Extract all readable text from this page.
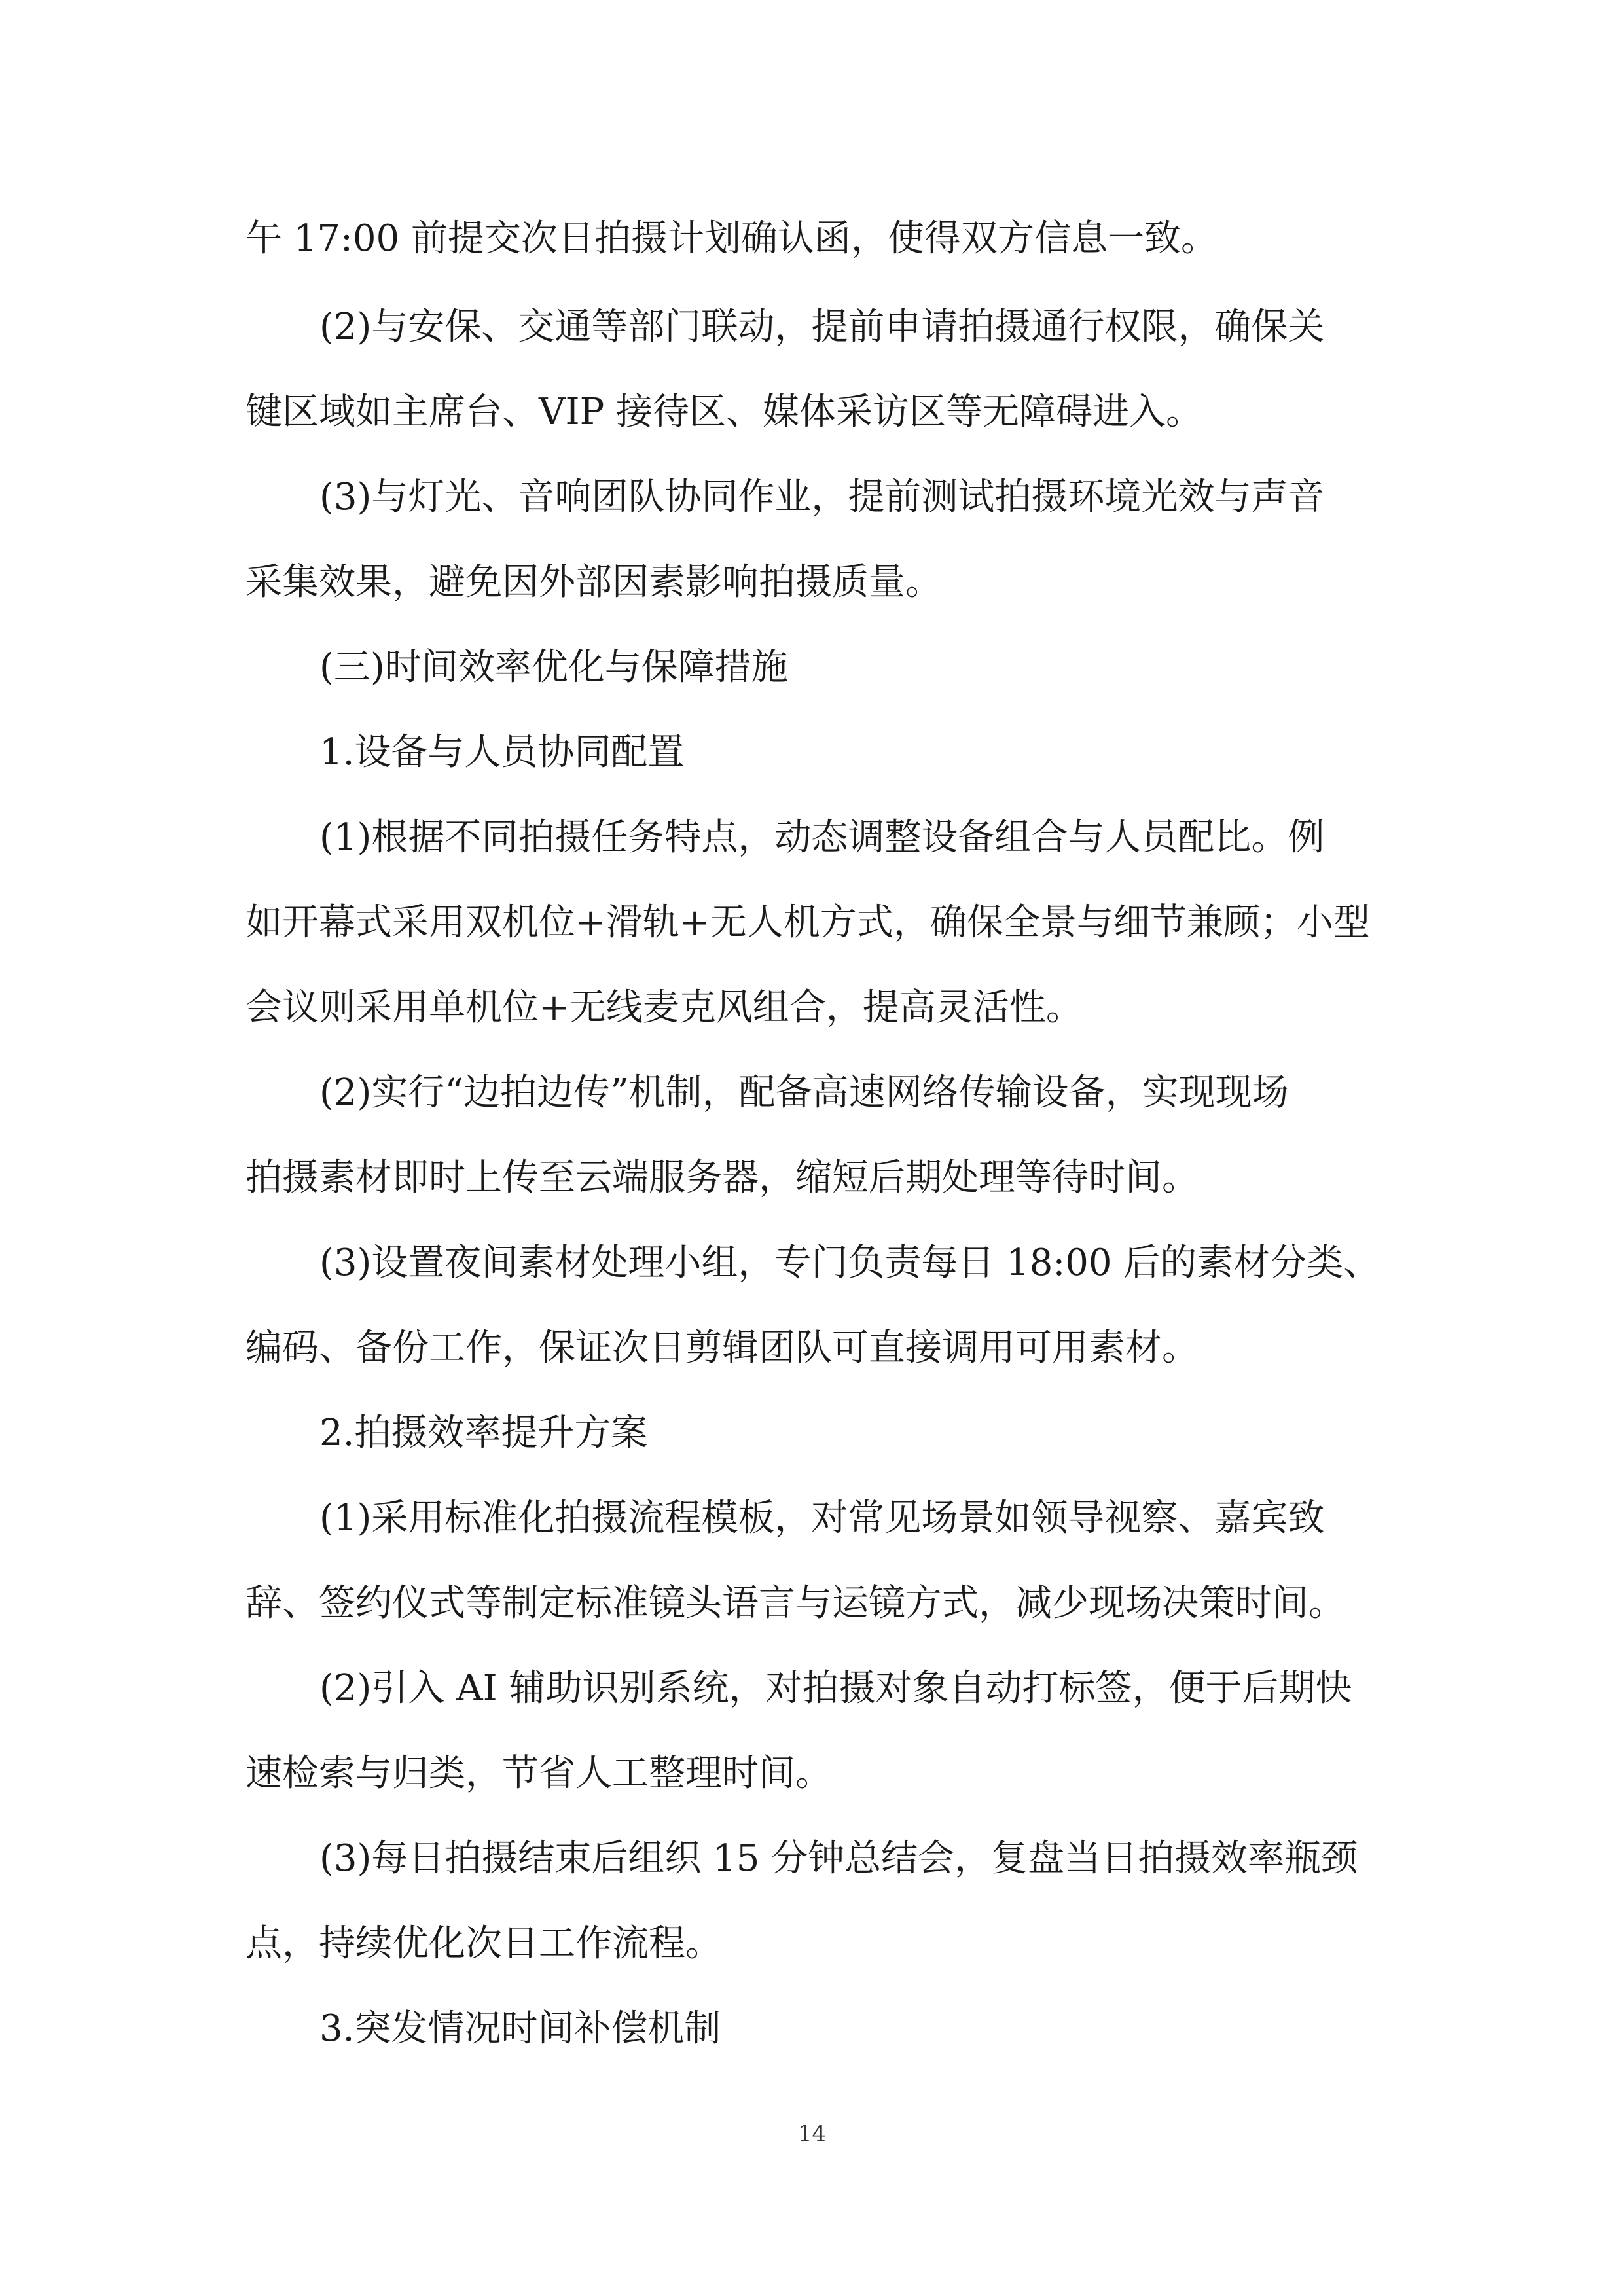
午 17:00 前提交次日拍摄计划确认函，使得双方信息一致。
(2)与安保、交通等部门联动，提前申请拍摄通行权限，确保关
键区域如主席台、VIP 接待区、媒体采访区等无障碍进入。
(3)与灯光、音响团队协同作业，提前测试拍摄环境光效与声音
采集效果，避免因外部因素影响拍摄质量。
(三)时间效率优化与保障措施
1.设备与人员协同配置
(1)根据不同拍摄任务特点，动态调整设备组合与人员配比。例
如开幕式采用双机位+滑轨+无人机方式，确保全景与细节兼顾；小型
会议则采用单机位+无线麦克风组合，提高灵活性。
(2)实行“边拍边传”机制，配备高速网络传输设备，实现现场
拍摄素材即时上传至云端服务器，缩短后期处理等待时间。
(3)设置夜间素材处理小组，专门负责每日 18:00 后的素材分类、
编码、备份工作，保证次日剪辑团队可直接调用可用素材。
2.拍摄效率提升方案
(1)采用标准化拍摄流程模板，对常见场景如领导视察、嘉宾致
辞、签约仪式等制定标准镜头语言与运镜方式，减少现场决策时间。
(2)引入 AI 辅助识别系统，对拍摄对象自动打标签，便于后期快
速检索与归类，节省人工整理时间。
(3)每日拍摄结束后组织 15 分钟总结会，复盘当日拍摄效率瓶颈
点，持续优化次日工作流程。
3.突发情况时间补偿机制
14
